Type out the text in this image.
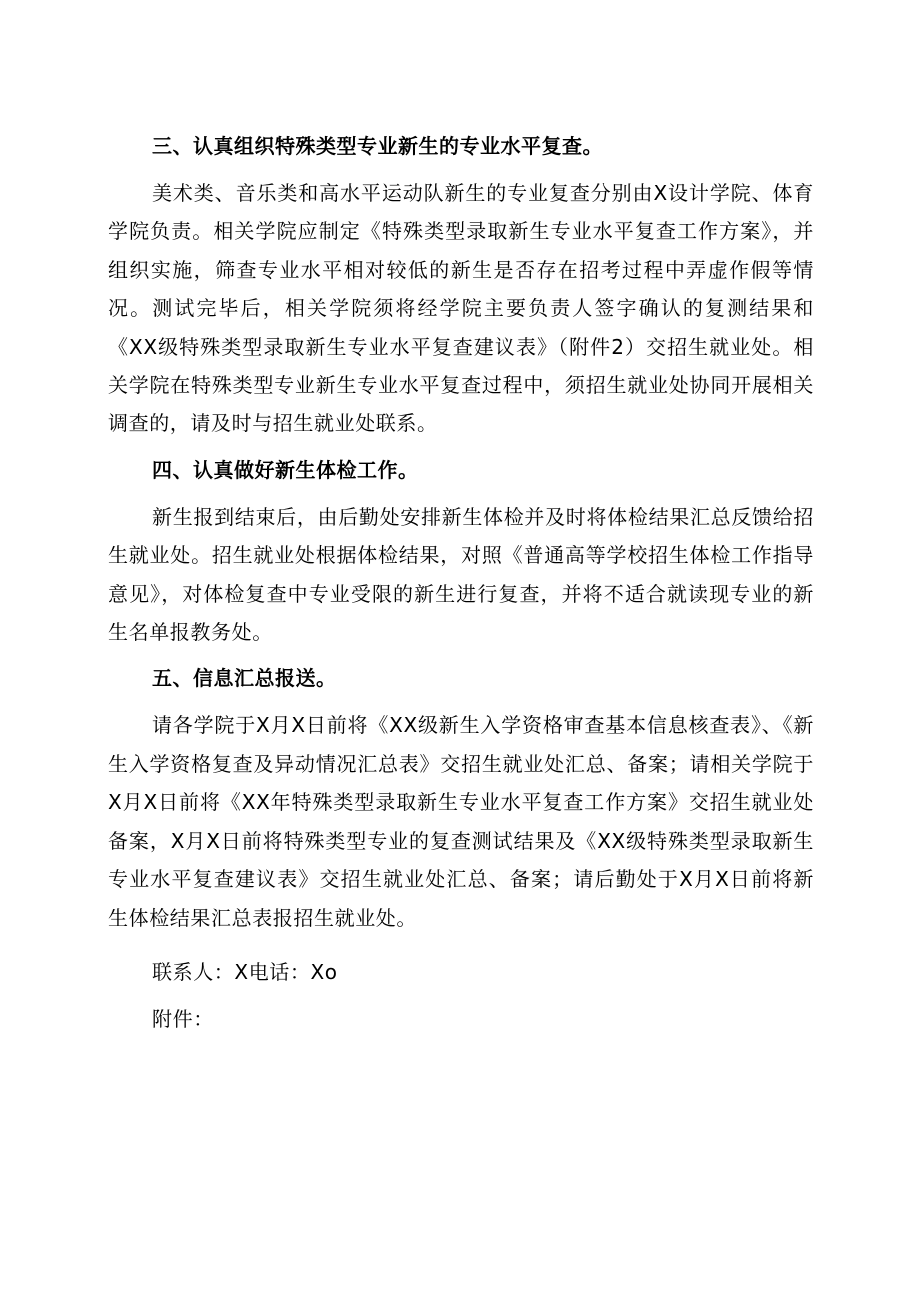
三、认真组织特殊类型专业新生的专业水平复查。

美术类、音乐类和高水平运动队新生的专业复查分别由X设计学院、体育学院负责。相关学院应制定《特殊类型录取新生专业水平复查工作方案》，并组织实施，筛查专业水平相对较低的新生是否存在招考过程中弄虚作假等情况。测试完毕后，相关学院须将经学院主要负责人签字确认的复测结果和《XX级特殊类型录取新生专业水平复查建议表》（附件2）交招生就业处。相关学院在特殊类型专业新生专业水平复查过程中，须招生就业处协同开展相关调查的，请及时与招生就业处联系。

四、认真做好新生体检工作。

新生报到结束后，由后勤处安排新生体检并及时将体检结果汇总反馈给招生就业处。招生就业处根据体检结果，对照《普通高等学校招生体检工作指导意见》，对体检复查中专业受限的新生进行复查，并将不适合就读现专业的新生名单报教务处。

五、信息汇总报送。

请各学院于X月X日前将《XX级新生入学资格审查基本信息核查表》、《新生入学资格复查及异动情况汇总表》交招生就业处汇总、备案；请相关学院于X月X日前将《XX年特殊类型录取新生专业水平复查工作方案》交招生就业处备案，X月X日前将特殊类型专业的复查测试结果及《XX级特殊类型录取新生专业水平复查建议表》交招生就业处汇总、备案；请后勤处于X月X日前将新生体检结果汇总表报招生就业处。

联系人：X电话：Xo

附件：
